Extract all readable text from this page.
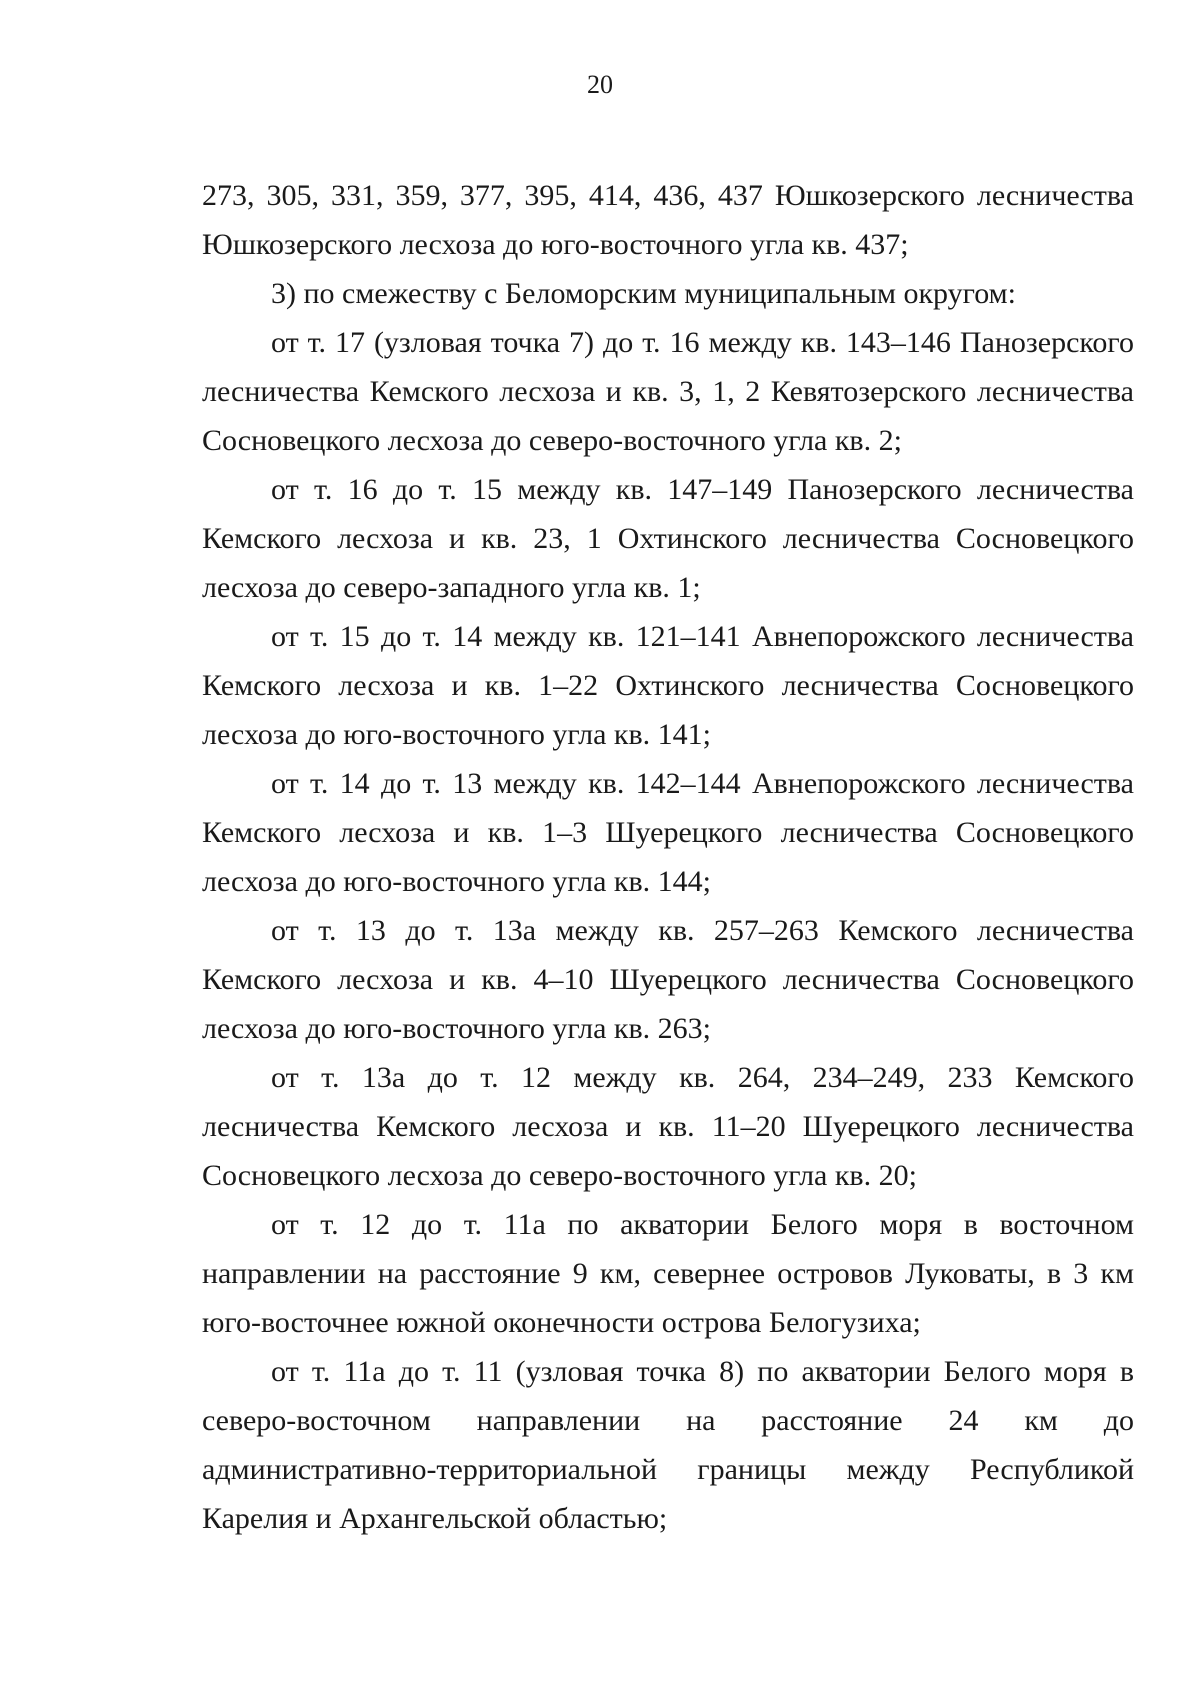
20

273, 305, 331, 359, 377, 395, 414, 436, 437 Юшкозерского лесничества Юшкозерского лесхоза до юго-восточного угла кв. 437;

3) по смежеству с Беломорским муниципальным округом:

от т. 17 (узловая точка 7) до т. 16 между кв. 143–146 Панозерского лесничества Кемского лесхоза и кв. 3, 1, 2 Кевятозерского лесничества Сосновецкого лесхоза до северо-восточного угла кв. 2;

от т. 16 до т. 15 между кв. 147–149 Панозерского лесничества Кемского лесхоза и кв. 23, 1 Охтинского лесничества Сосновецкого лесхоза до северо-западного угла кв. 1;

от т. 15 до т. 14 между кв. 121–141 Авнепорожского лесничества Кемского лесхоза и кв. 1–22 Охтинского лесничества Сосновецкого лесхоза до юго-восточного угла кв. 141;

от т. 14 до т. 13 между кв. 142–144 Авнепорожского лесничества Кемского лесхоза и кв. 1–3 Шуерецкого лесничества Сосновецкого лесхоза до юго-восточного угла кв. 144;

от т. 13 до т. 13а между кв. 257–263 Кемского лесничества Кемского лесхоза и кв. 4–10 Шуерецкого лесничества Сосновецкого лесхоза до юго-восточного угла кв. 263;

от т. 13а до т. 12 между кв. 264, 234–249, 233 Кемского лесничества Кемского лесхоза и кв. 11–20 Шуерецкого лесничества Сосновецкого лесхоза до северо-восточного угла кв. 20;

от т. 12 до т. 11а по акватории Белого моря в восточном направлении на расстояние 9 км, севернее островов Луковаты, в 3 км юго-восточнее южной оконечности острова Белогузиха;

от т. 11а до т. 11 (узловая точка 8) по акватории Белого моря в северо-восточном направлении на расстояние 24 км до административно-территориальной границы между Республикой Карелия и Архангельской областью;
